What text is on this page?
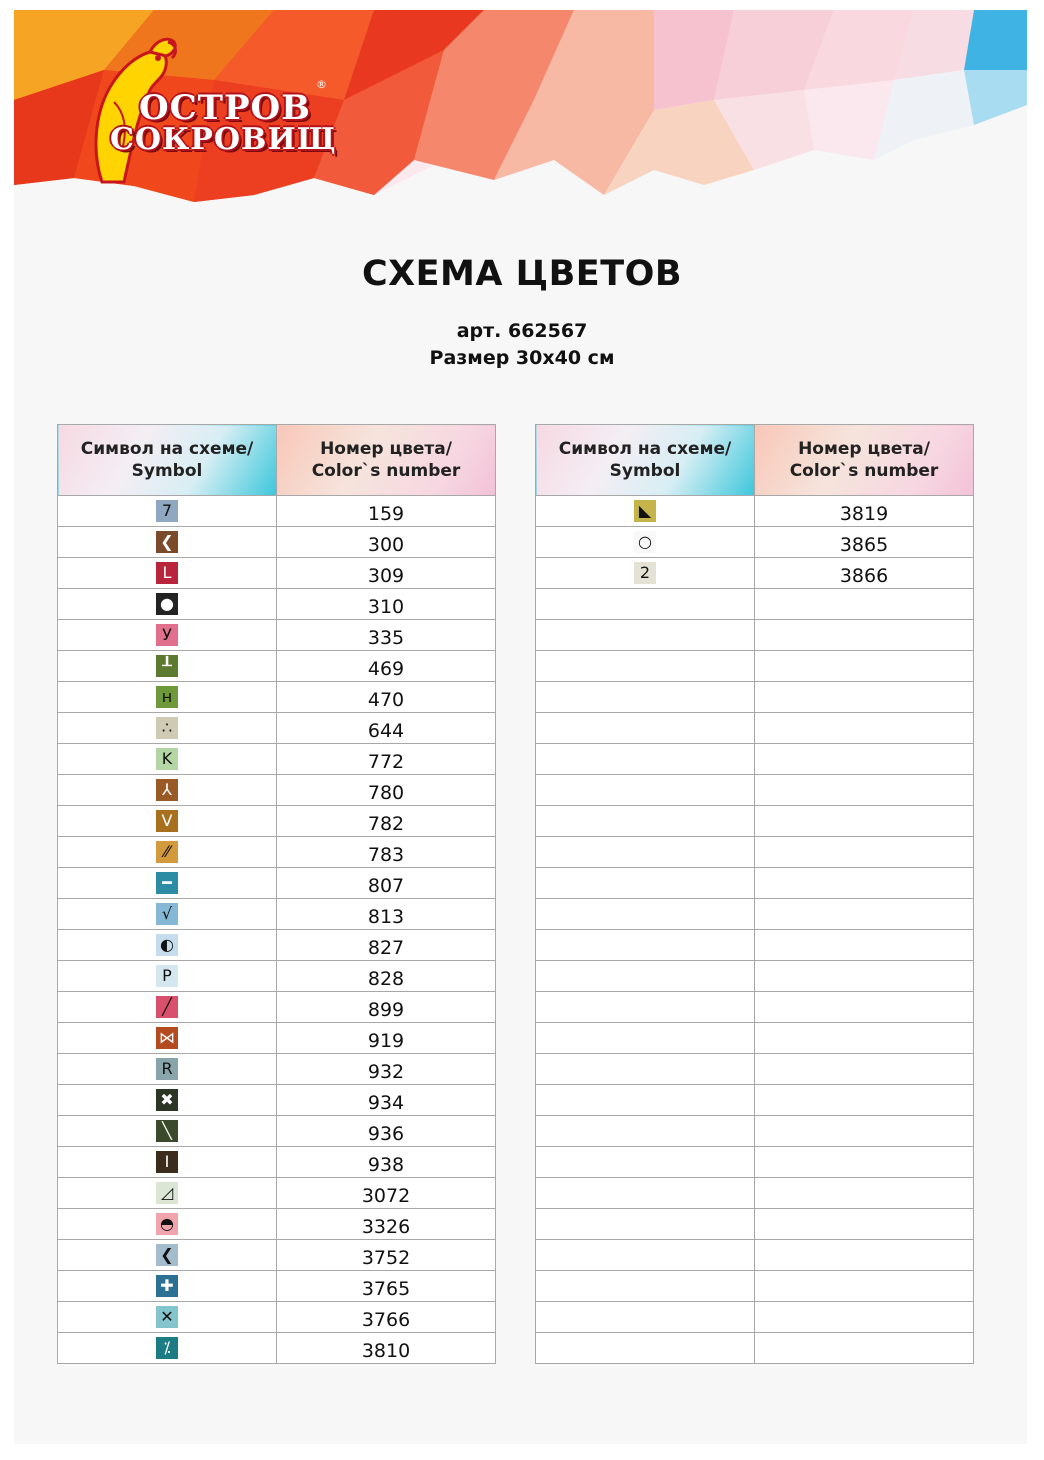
ОСТРОВ
СОКРОВИЩ
®
СХЕМА ЦВЕТОВ
арт. 662567
Размер 30х40 см
Символ на схеме/
Symbol	Номер цвета/
Color`s number
7	159
❮	300
L	309
●	310
У	335
┸	469
н	470
∴	644
K	772
⅄	780
V	782
⁄⁄	783
━	807
√	813
◐	827
P	828
╱	899
⋈	919
R	932
✖	934
╲	936
Ⅰ	938
◿	3072
◓	3326
❮	3752
✚	3765
✕	3766
⁒	3810
Символ на схеме/
Symbol	Номер цвета/
Color`s number
◣	3819
○	3865
2	3866
